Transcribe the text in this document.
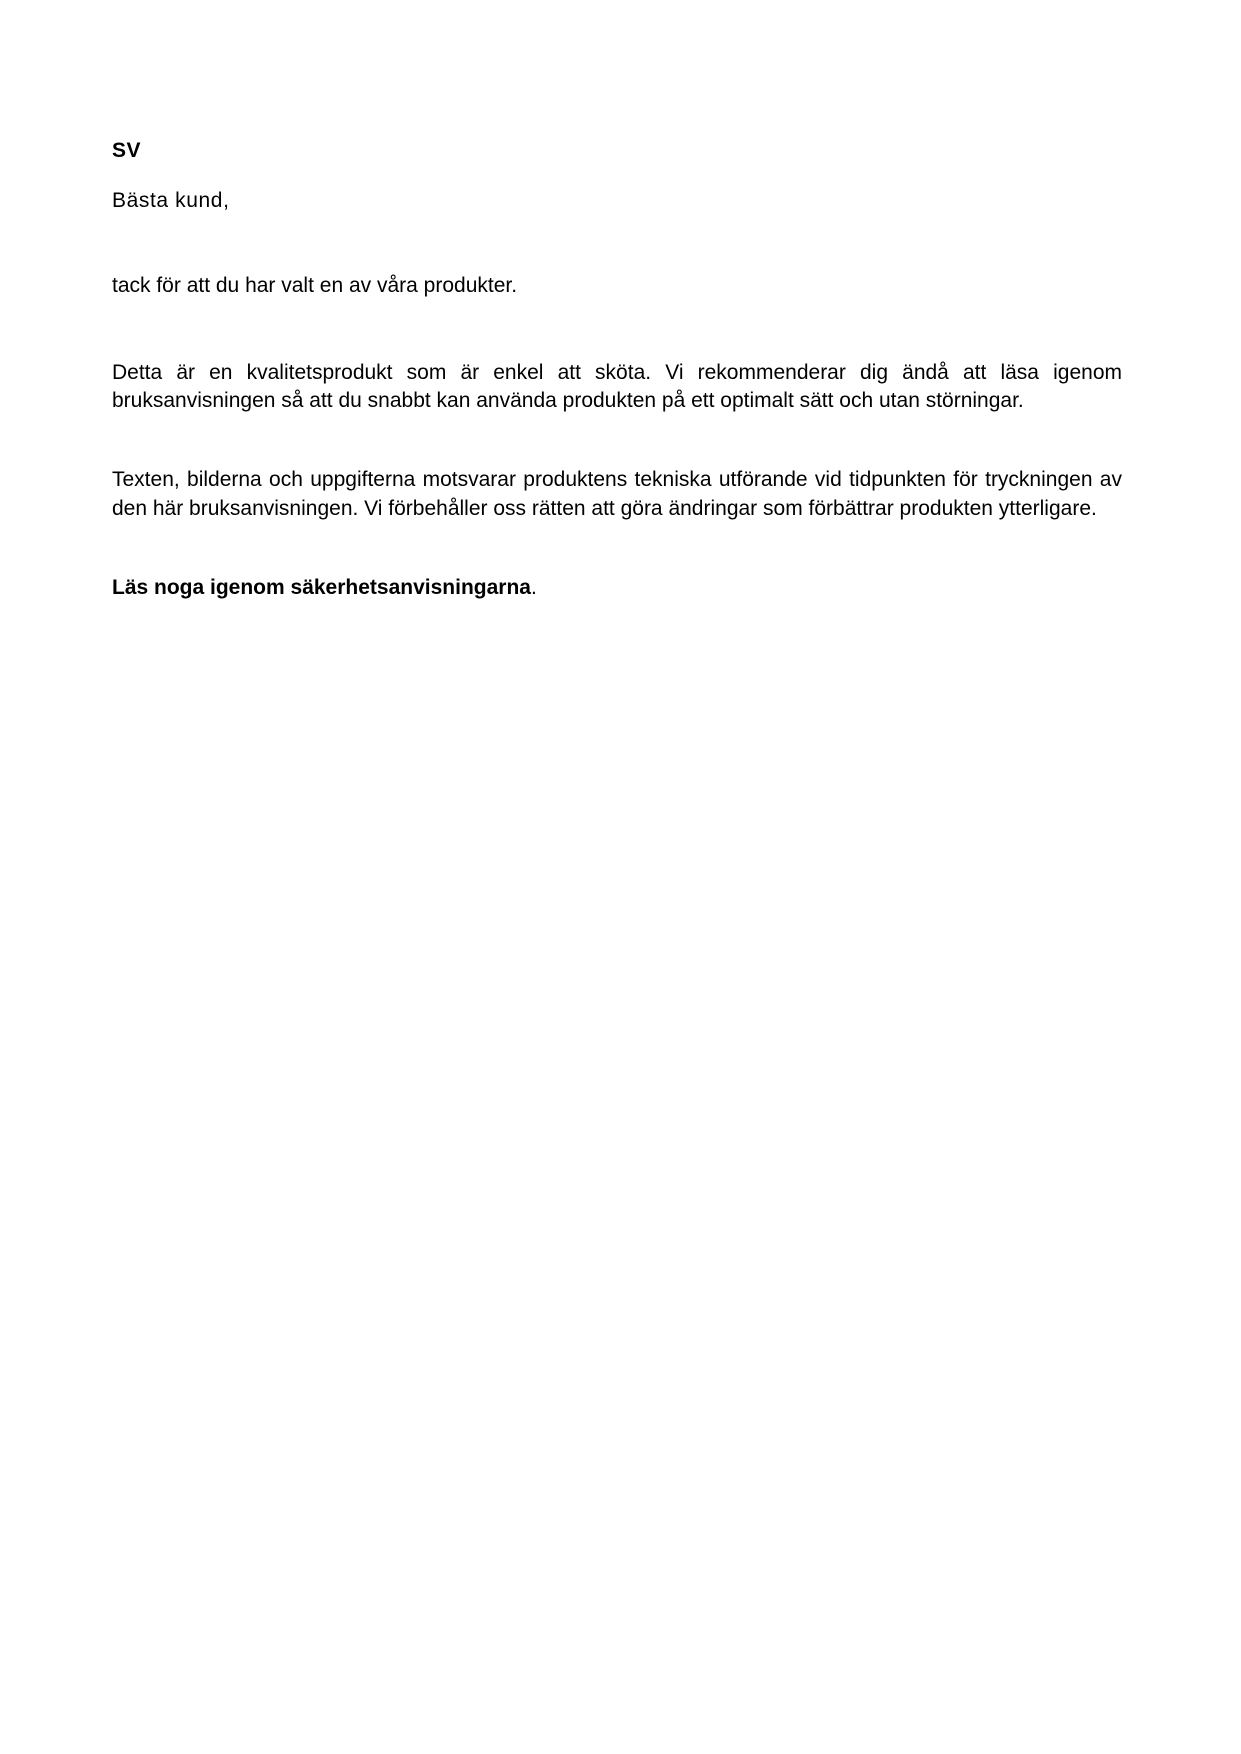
SV

Bästa kund,

tack för att du har valt en av våra produkter.

Detta är en kvalitetsprodukt som är enkel att sköta. Vi rekommenderar dig ändå att läsa igenom bruksanvisningen så att du snabbt kan använda produkten på ett optimalt sätt och utan störningar.

Texten, bilderna och uppgifterna motsvarar produktens tekniska utförande vid tidpunkten för tryckningen av den här bruksanvisningen. Vi förbehåller oss rätten att göra ändringar som förbättrar produkten ytterligare.

Läs noga igenom säkerhetsanvisningarna.
